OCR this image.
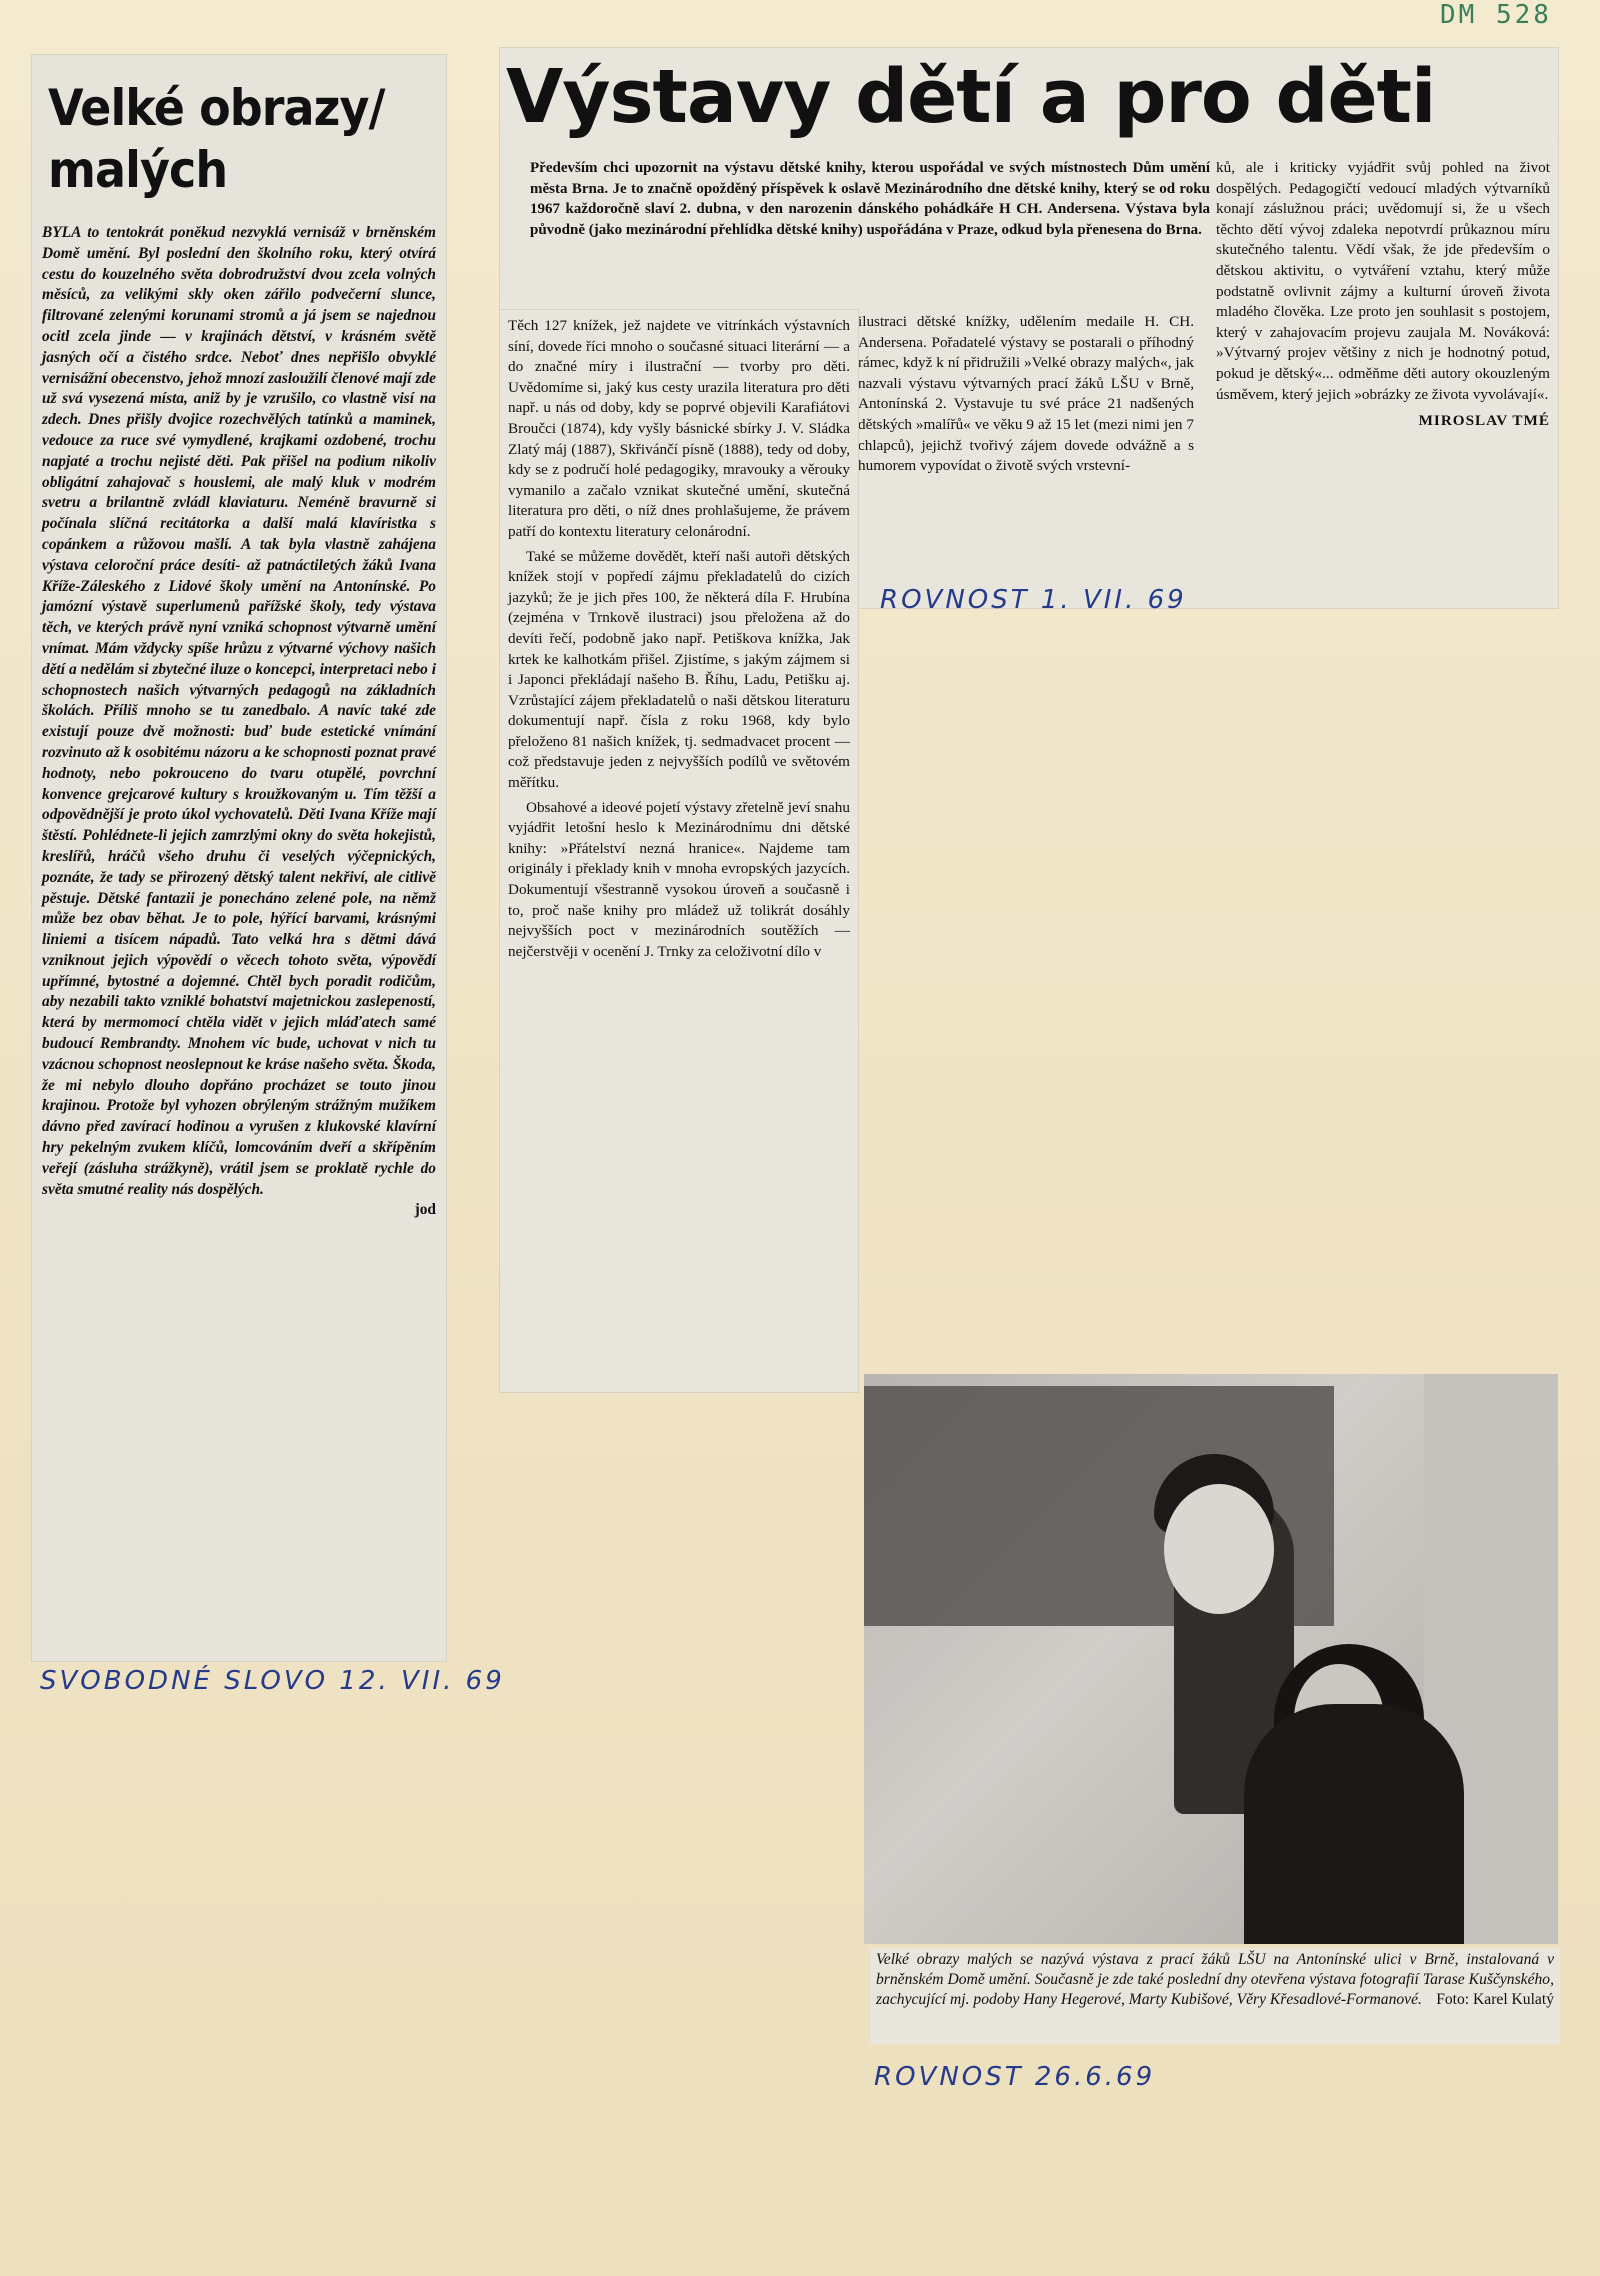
DM 528
Velké obrazy/
malých

BYLA to tentokrát poněkud nezvyklá vernisáž v brněnském Domě umění. Byl poslední den školního roku, který otvírá cestu do kouzelného světa dobrodružství dvou zcela volných měsíců, za velikými skly oken zářilo podvečerní slunce, filtrované zelenými korunami stromů a já jsem se najednou ocitl zcela jinde — v krajinách dětství, v krásném světě jasných očí a čistého srdce. Neboť dnes nepřišlo obvyklé vernisážní obecenstvo, jehož mnozí zasloužilí členové mají zde už svá vysezená místa, aniž by je vzrušilo, co vlastně visí na zdech. Dnes přišly dvojice rozechvělých tatínků a maminek, vedouce za ruce své vymydlené, krajkami ozdobené, trochu napjaté a trochu nejisté děti. Pak přišel na podium nikoliv obligátní zahajovač s houslemi, ale malý kluk v modrém svetru a brilantně zvládl klaviaturu. Neméně bravurně si počínala slíčná recitátorka a další malá klavíristka s copánkem a růžovou mašlí. A tak byla vlastně zahájena výstava celoroční práce desíti- až patnáctiletých žáků Ivana Kříže-Záleského z Lidové školy umění na Antonínské. Po jamózní výstavě superlumenů pařížské školy, tedy výstava těch, ve kterých právě nyní vzniká schopnost výtvarně umění vnímat. Mám vždycky spíše hrůzu z výtvarné výchovy našich dětí a nedělám si zbytečné iluze o koncepci, interpretaci nebo i schopnostech našich výtvarných pedagogů na základních školách. Příliš mnoho se tu zanedbalo. A navíc také zde existují pouze dvě možnosti: buď bude estetické vnímání rozvinuto až k osobitému názoru a ke schopnosti poznat pravé hodnoty, nebo pokrouceno do tvaru otupělé, povrchní konvence grejcarové kultury s kroužkovaným u. Tím těžší a odpovědnější je proto úkol vychovatelů. Děti Ivana Kříže mají štěstí. Pohlédnete-li jejich zamrzlými okny do světa hokejistů, kreslířů, hráčů všeho druhu či veselých výčepnických, poznáte, že tady se přirozený dětský talent nekřiví, ale citlivě pěstuje. Dětské fantazii je ponecháno zelené pole, na němž může bez obav běhat. Je to pole, hýřící barvami, krásnými liniemi a tisícem nápadů. Tato velká hra s dětmi dává vzniknout jejich výpovědí o věcech tohoto světa, výpovědí upřímné, bytostné a dojemné. Chtěl bych poradit rodičům, aby nezabili takto vzniklé bohatství majetnickou zaslepeností, která by mermomocí chtěla vidět v jejich mláďatech samé budoucí Rembrandty. Mnohem víc bude, uchovat v nich tu vzácnou schopnost neoslepnout ke kráse našeho světa. Škoda, že mi nebylo dlouho dopřáno procházet se touto jinou krajinou. Protože byl vyhozen obrýleným strážným mužíkem dávno před zavírací hodinou a vyrušen z klukovské klavírní hry pekelným zvukem klíčů, lomcováním dveří a skřípěním veřejí (zásluha strážkyně), vrátil jsem se proklatě rychle do světa smutné reality nás dospělých.

jod

SVOBODNÉ SLOVO 12. VII. 69
Výstavy dětí a pro děti

Především chci upozornit na výstavu dětské knihy, kterou uspořádal ve svých místnostech Dům umění města Brna. Je to značně opožděný příspěvek k oslavě Mezinárodního dne dětské knihy, který se od roku 1967 každoročně slaví 2. dubna, v den narozenin dánského pohádkáře H CH. Andersena. Výstava byla původně (jako mezinárodní přehlídka dětské knihy) uspořádána v Praze, odkud byla přenesena do Brna.

ilustraci dětské knížky, udělením medaile H. CH. Andersena. Pořadatelé výstavy se postarali o příhodný rámec, když k ní přidružili »Velké obrazy malých«, jak nazvali výstavu výtvarných prací žáků LŠU v Brně, Antonínská 2. Vystavuje tu své práce 21 nadšených dětských »malířů« ve věku 9 až 15 let (mezi nimi jen 7 chlapců), jejichž tvořivý zájem dovede odvážně a s humorem vypovídat o životě svých vrstevní-

ků, ale i kriticky vyjádřit svůj pohled na život dospělých. Pedagogičtí vedoucí mladých výtvarníků konají záslužnou práci; uvědomují si, že u všech těchto dětí vývoj zdaleka nepotvrdí průkaznou míru skutečného talentu. Vědí však, že jde především o dětskou aktivitu, o vytváření vztahu, který může podstatně ovlivnit zájmy a kulturní úroveň života mladého člověka. Lze proto jen souhlasit s postojem, který v zahajovacím projevu zaujala M. Nováková: »Výtvarný projev většiny z nich je hodnotný potud, pokud je dětský«... odměňme děti autory okouzleným úsměvem, který jejich »obrázky ze života vyvolávají«.

MIROSLAV TMÉ

Těch 127 knížek, jež najdete ve vitrínkách výstavních síní, dovede říci mnoho o současné situaci literární — a do značné míry i ilustrační — tvorby pro děti. Uvědomíme si, jaký kus cesty urazila literatura pro děti např. u nás od doby, kdy se poprvé objevili Karafiátovi Broučci (1874), kdy vyšly básnické sbírky J. V. Sládka Zlatý máj (1887), Skřivánčí písně (1888), tedy od doby, kdy se z područí holé pedagogiky, mravouky a věrouky vymanilo a začalo vznikat skutečné umění, skutečná literatura pro děti, o níž dnes prohlašujeme, že právem patří do kontextu literatury celonárodní.

Také se můžeme dovědět, kteří naši autoři dětských knížek stojí v popředí zájmu překladatelů do cizích jazyků; že je jich přes 100, že některá díla F. Hrubína (zejména v Trnkově ilustraci) jsou přeložena až do devíti řečí, podobně jako např. Petiškova knížka, Jak krtek ke kalhotkám přišel. Zjistíme, s jakým zájmem si i Japonci překládají našeho B. Říhu, Ladu, Petišku aj. Vzrůstající zájem překladatelů o naši dětskou literaturu dokumentují např. čísla z roku 1968, kdy bylo přeloženo 81 našich knížek, tj. sedmadvacet procent — což představuje jeden z nejvyšších podílů ve světovém měřítku.

Obsahové a ideové pojetí výstavy zřetelně jeví snahu vyjádřit letošní heslo k Mezinárodnímu dni dětské knihy: »Přátelství nezná hranice«. Najdeme tam originály i překlady knih v mnoha evropských jazycích. Dokumentují všestranně vysokou úroveň a současně i to, proč naše knihy pro mládež už tolikrát dosáhly nejvyšších poct v mezinárodních soutěžích — nejčerstvěji v ocenění J. Trnky za celoživotní dílo v

ROVNOST 1. VII. 69
Velké obrazy malých se nazývá výstava z prací žáků LŠU na Antonínské ulici v Brně, instalovaná v brněnském Domě umění. Současně je zde také poslední dny otevřena výstava fotografií Tarase Kuščynského, zachycující mj. podoby Hany Hegerové, Marty Kubišové, Věry Křesadlové-Formanové. Foto: Karel Kulatý
ROVNOST 26.6.69
